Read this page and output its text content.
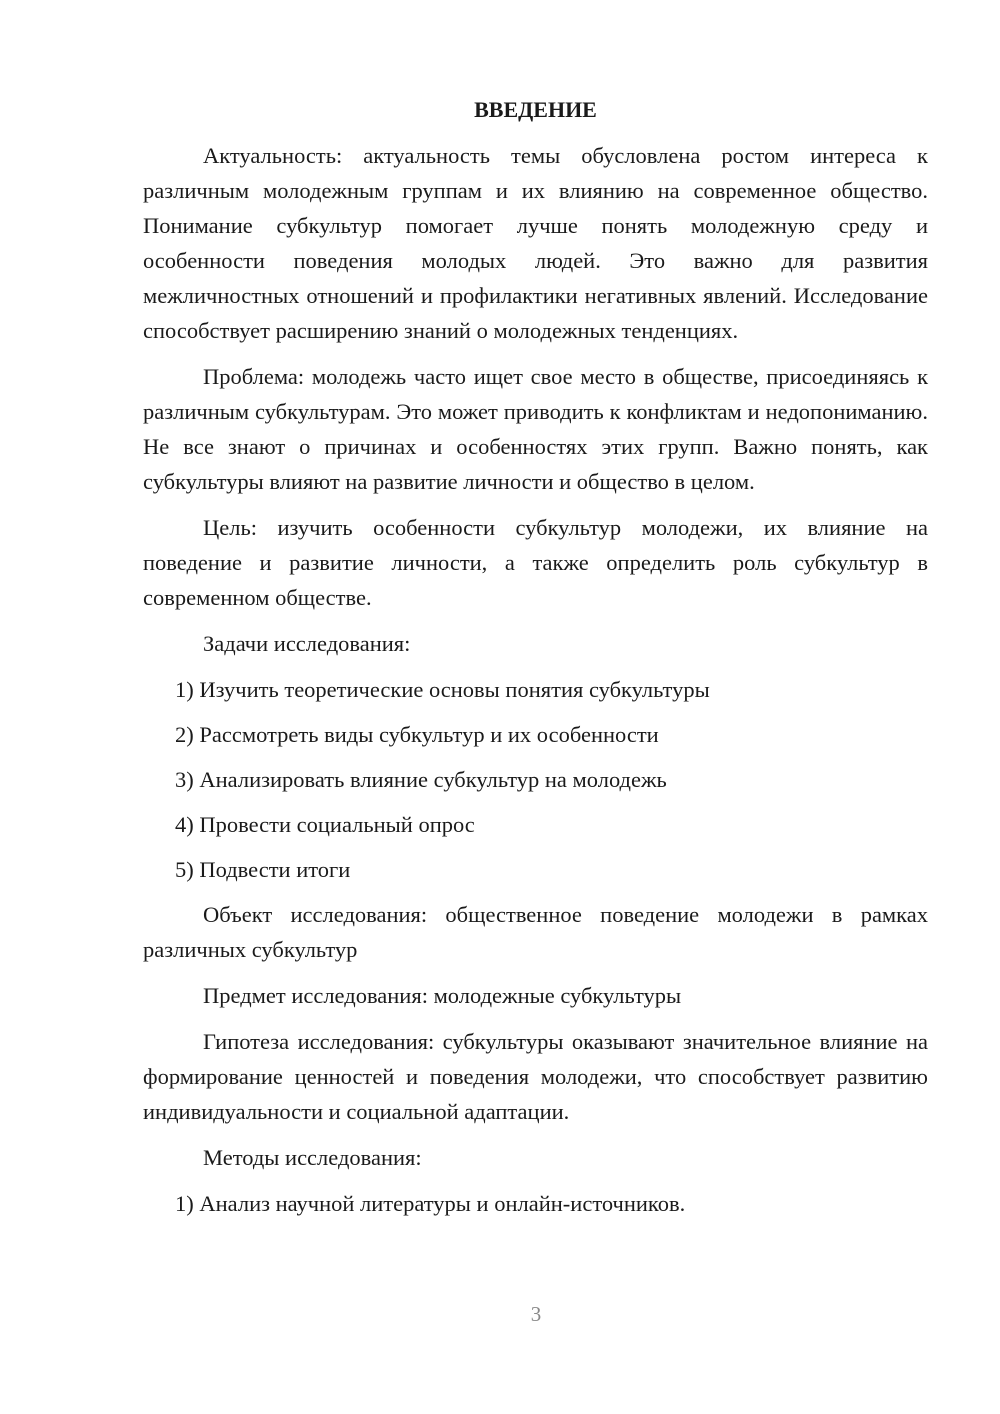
ВВЕДЕНИЕ

Актуальность: актуальность темы обусловлена ростом интереса к различным молодежным группам и их влиянию на современное общество. Понимание субкультур помогает лучше понять молодежную среду и особенности поведения молодых людей. Это важно для развития межличностных отношений и профилактики негативных явлений. Исследование способствует расширению знаний о молодежных тенденциях.

Проблема: молодежь часто ищет свое место в обществе, присоединяясь к различным субкультурам. Это может приводить к конфликтам и недопониманию. Не все знают о причинах и особенностях этих групп. Важно понять, как субкультуры влияют на развитие личности и общество в целом.

Цель: изучить особенности субкультур молодежи, их влияние на поведение и развитие личности, а также определить роль субкультур в современном обществе.

Задачи исследования:

1) Изучить теоретические основы понятия субкультуры

2) Рассмотреть виды субкультур и их особенности

3) Анализировать влияние субкультур на молодежь

4) Провести социальный опрос

5) Подвести итоги

Объект исследования: общественное поведение молодежи в рамках различных субкультур

Предмет исследования: молодежные субкультуры

Гипотеза исследования: субкультуры оказывают значительное влияние на формирование ценностей и поведения молодежи, что способствует развитию индивидуальности и социальной адаптации.

Методы исследования:

1) Анализ научной литературы и онлайн-источников.

3
